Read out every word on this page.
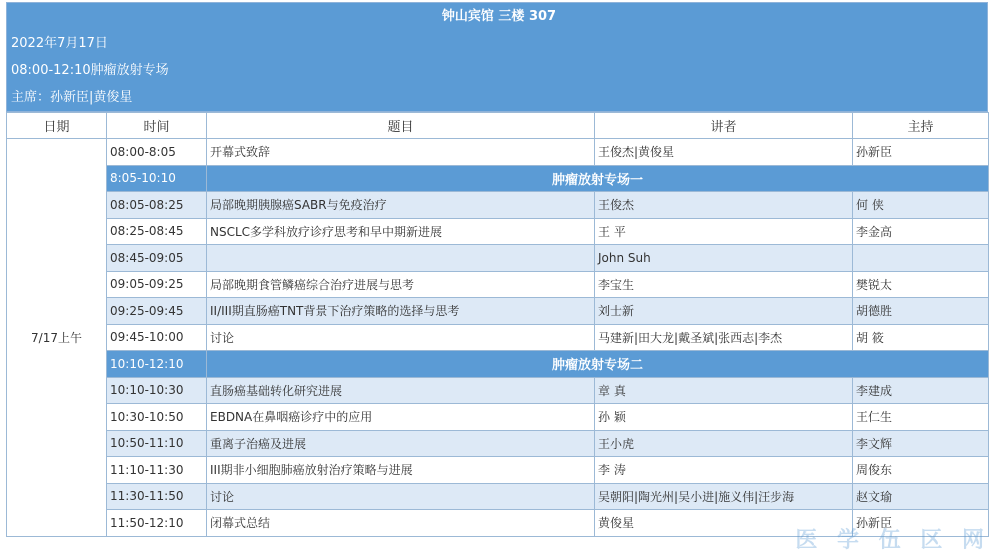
钟山宾馆 三楼 307
2022年7月17日
08:00-12:10肿瘤放射专场
主席：孙新臣|黄俊星
日期	时间	题目	讲者	主持
7/17上午	08:00-8:05	开幕式致辞	王俊杰|黄俊星	孙新臣
	8:05-10:10	肿瘤放射专场一		
	08:05-08:25	局部晚期胰腺癌SABR与免疫治疗	王俊杰	何 侠
	08:25-08:45	NSCLC多学科放疗诊疗思考和早中期新进展	王 平	李金高
	08:45-09:05		John Suh	
	09:05-09:25	局部晚期食管鳞癌综合治疗进展与思考	李宝生	樊锐太
	09:25-09:45	II/III期直肠癌TNT背景下治疗策略的选择与思考	刘士新	胡德胜
	09:45-10:00	讨论	马建新|田大龙|戴圣斌|张西志|李杰	胡 筱
	10:10-12:10	肿瘤放射专场二		
	10:10-10:30	直肠癌基础转化研究进展	章 真	李建成
	10:30-10:50	EBDNA在鼻咽癌诊疗中的应用	孙 颖	王仁生
	10:50-11:10	重离子治癌及进展	王小虎	李文辉
	11:10-11:30	III期非小细胞肺癌放射治疗策略与进展	李 涛	周俊东
	11:30-11:50	讨论	吴朝阳|陶光州|吴小进|施义伟|汪步海	赵文瑜
	11:50-12:10	闭幕式总结	黄俊星	孙新臣
医 学 伍 区 网
